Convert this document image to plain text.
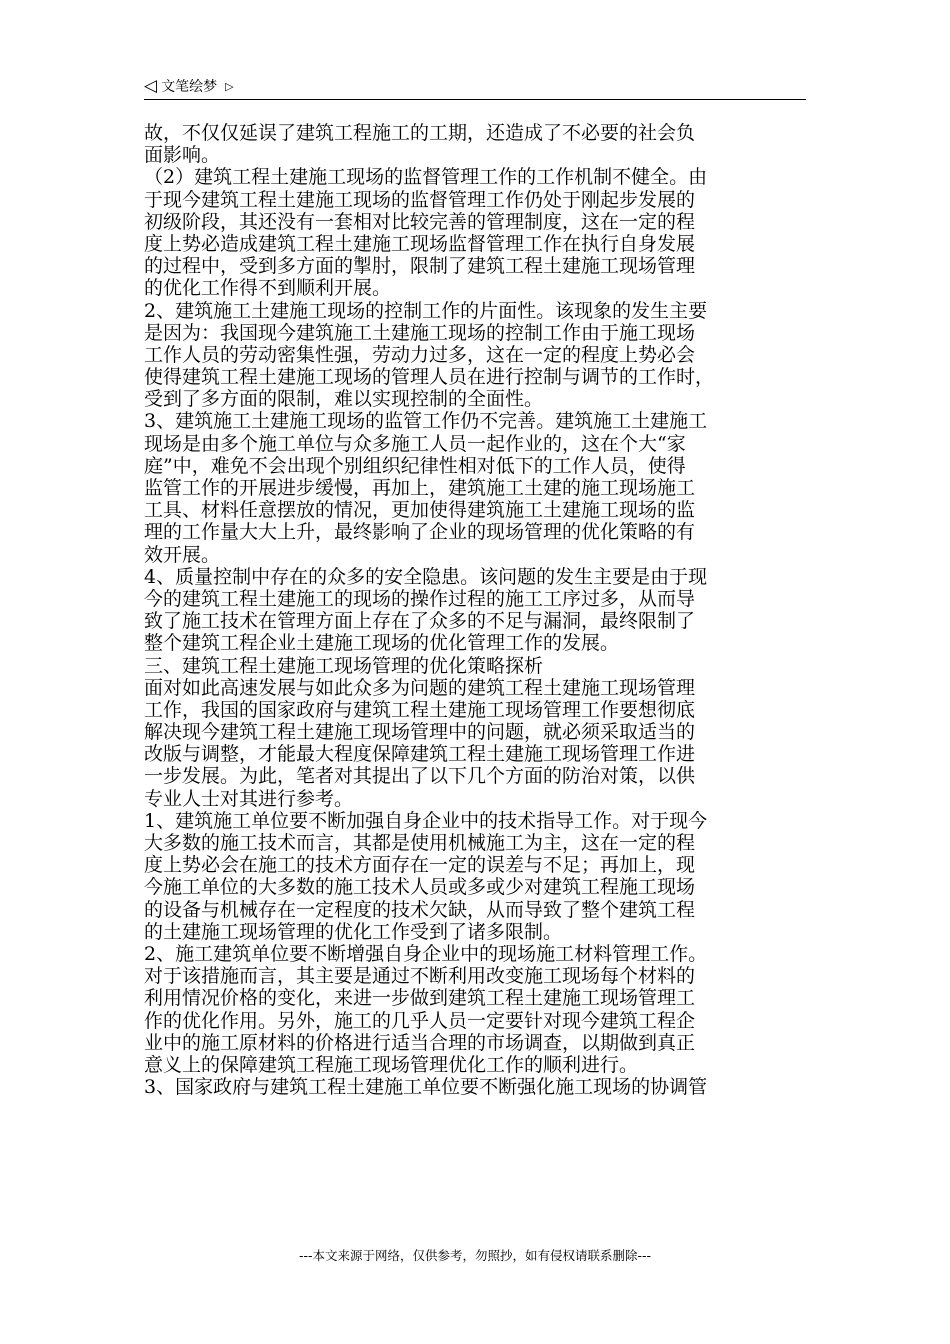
◁ 文笔绘梦 ▷
故，不仅仅延误了建筑工程施工的工期，还造成了不必要的社会负
面影响。
（2）建筑工程土建施工现场的监督管理工作的工作机制不健全。由
于现今建筑工程土建施工现场的监督管理工作仍处于刚起步发展的
初级阶段，其还没有一套相对比较完善的管理制度，这在一定的程
度上势必造成建筑工程土建施工现场监督管理工作在执行自身发展
的过程中，受到多方面的掣肘，限制了建筑工程土建施工现场管理
的优化工作得不到顺利开展。
2、建筑施工土建施工现场的控制工作的片面性。该现象的发生主要
是因为：我国现今建筑施工土建施工现场的控制工作由于施工现场
工作人员的劳动密集性强，劳动力过多，这在一定的程度上势必会
使得建筑工程土建施工现场的管理人员在进行控制与调节的工作时，
受到了多方面的限制，难以实现控制的全面性。
3、建筑施工土建施工现场的监管工作仍不完善。建筑施工土建施工
现场是由多个施工单位与众多施工人员一起作业的，这在个大“家
庭”中，难免不会出现个别组织纪律性相对低下的工作人员，使得
监管工作的开展进步缓慢，再加上，建筑施工土建的施工现场施工
工具、材料任意摆放的情况，更加使得建筑施工土建施工现场的监
理的工作量大大上升，最终影响了企业的现场管理的优化策略的有
效开展。
4、质量控制中存在的众多的安全隐患。该问题的发生主要是由于现
今的建筑工程土建施工的现场的操作过程的施工工序过多，从而导
致了施工技术在管理方面上存在了众多的不足与漏洞，最终限制了
整个建筑工程企业土建施工现场的优化管理工作的发展。
三、建筑工程土建施工现场管理的优化策略探析
面对如此高速发展与如此众多为问题的建筑工程土建施工现场管理
工作，我国的国家政府与建筑工程土建施工现场管理工作要想彻底
解决现今建筑工程土建施工现场管理中的问题，就必须采取适当的
改版与调整，才能最大程度保障建筑工程土建施工现场管理工作进
一步发展。为此，笔者对其提出了以下几个方面的防治对策，以供
专业人士对其进行参考。
1、建筑施工单位要不断加强自身企业中的技术指导工作。对于现今
大多数的施工技术而言，其都是使用机械施工为主，这在一定的程
度上势必会在施工的技术方面存在一定的误差与不足；再加上，现
今施工单位的大多数的施工技术人员或多或少对建筑工程施工现场
的设备与机械存在一定程度的技术欠缺，从而导致了整个建筑工程
的土建施工现场管理的优化工作受到了诸多限制。
2、施工建筑单位要不断增强自身企业中的现场施工材料管理工作。
对于该措施而言，其主要是通过不断利用改变施工现场每个材料的
利用情况价格的变化，来进一步做到建筑工程土建施工现场管理工
作的优化作用。另外，施工的几乎人员一定要针对现今建筑工程企
业中的施工原材料的价格进行适当合理的市场调查，以期做到真正
意义上的保障建筑工程施工现场管理优化工作的顺利进行。
3、国家政府与建筑工程土建施工单位要不断强化施工现场的协调管
---本文来源于网络，仅供参考，勿照抄，如有侵权请联系删除---
